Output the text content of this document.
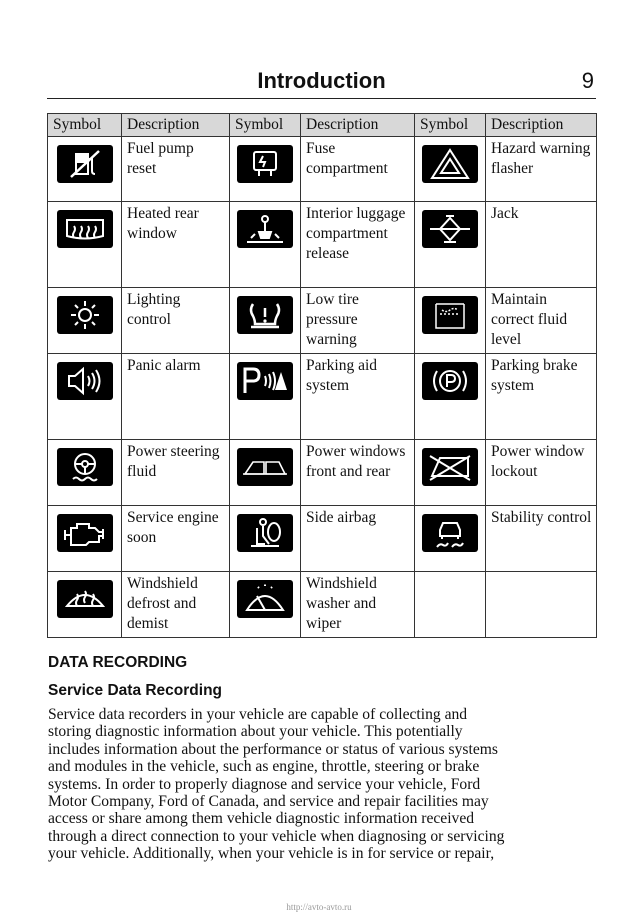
Introduction	9
Symbol	Description	Symbol	Description	Symbol	Description

	Fuel pump reset		Fuse compartment		Hazard warning flasher

	Heated rear window		Interior luggage compartment release		Jack

	Lighting control		Low tire pressure warning		Maintain correct fluid level

	Panic alarm		Parking aid system		Parking brake system

	Power steering fluid		Power windows front and rear		Power window lockout

	Service engine soon		Side airbag		Stability control

	Windshield defrost and demist		Windshield washer and wiper		
DATA RECORDING
Service Data Recording
Service data recorders in your vehicle are capable of collecting and
storing diagnostic information about your vehicle. This potentially
includes information about the performance or status of various systems
and modules in the vehicle, such as engine, throttle, steering or brake
systems. In order to properly diagnose and service your vehicle, Ford
Motor Company, Ford of Canada, and service and repair facilities may
access or share among them vehicle diagnostic information received
through a direct connection to your vehicle when diagnosing or servicing
your vehicle. Additionally, when your vehicle is in for service or repair,
http://avto-avto.ru
